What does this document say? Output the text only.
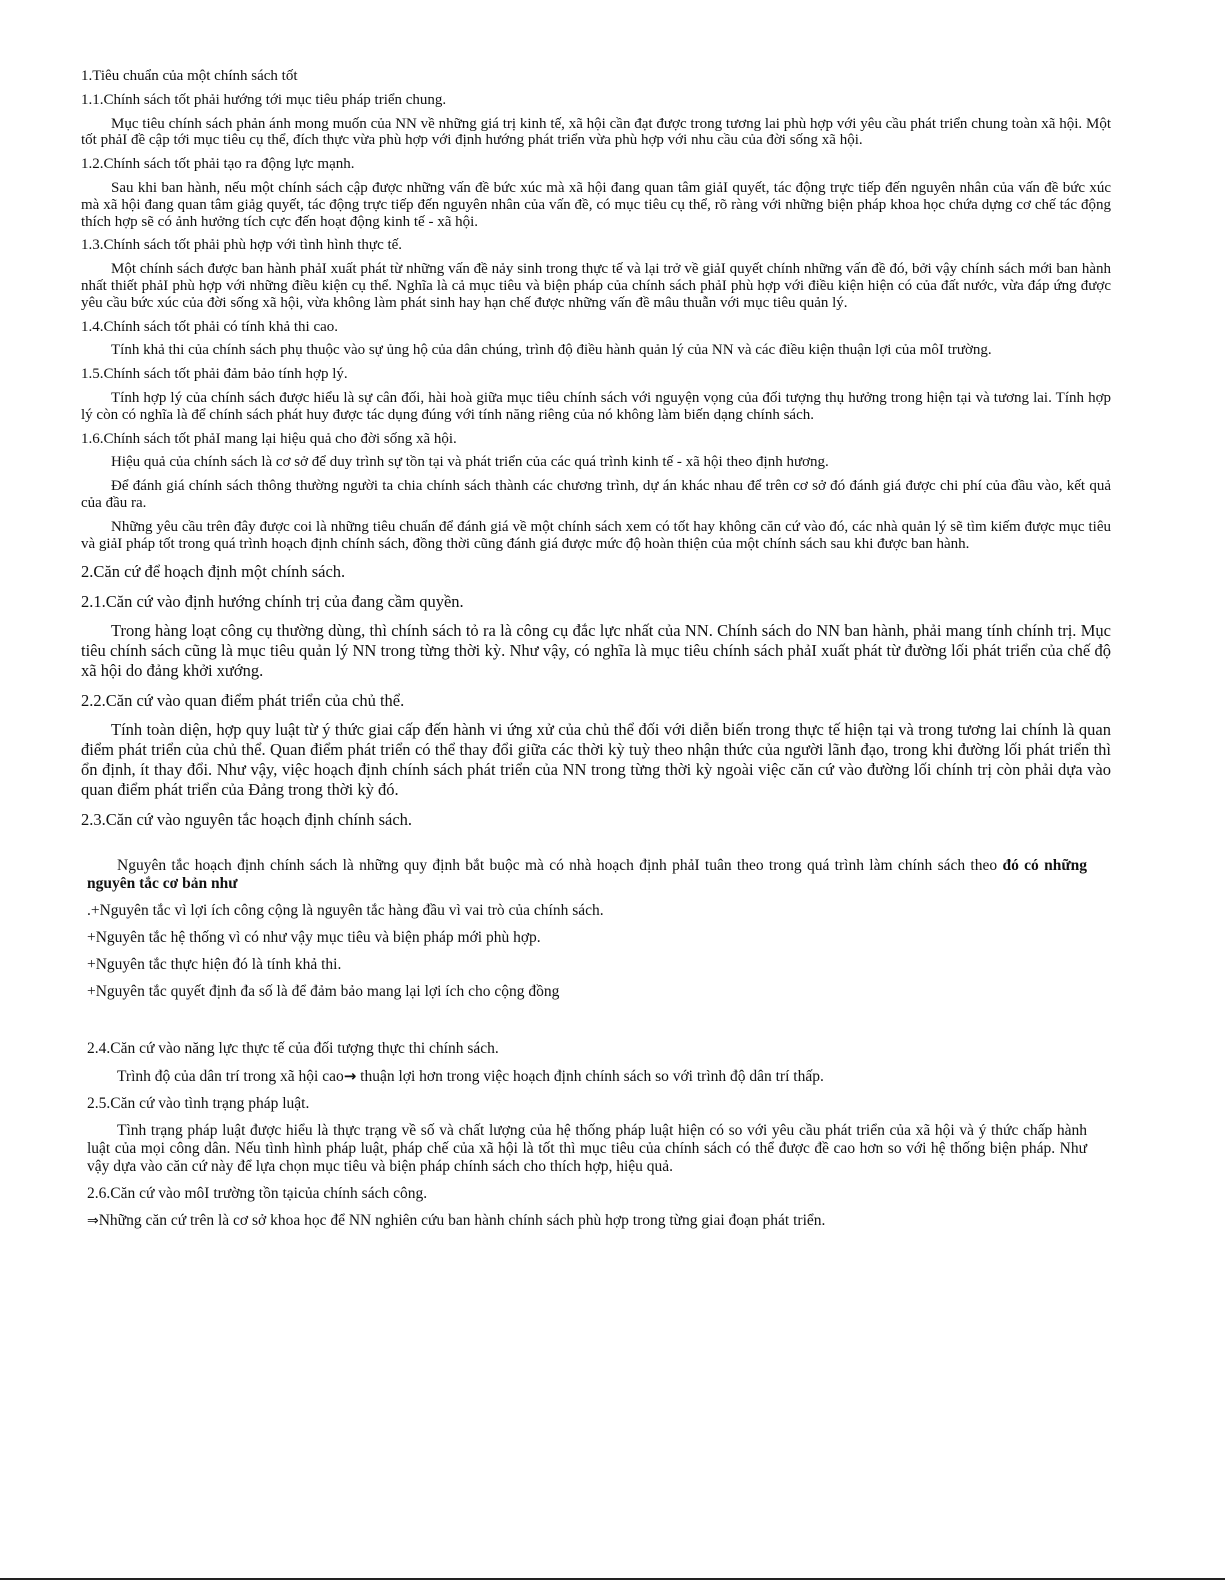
1.Tiêu chuẩn của một chính sách tốt

1.1.Chính sách tốt phải hướng tới mục tiêu pháp triển chung.

Mục tiêu chính sách phản ánh mong muốn của NN về những giá trị kinh tế, xã hội cần đạt được trong tương lai phù hợp với yêu cầu phát triển chung toàn xã hội. Một tốt phảI đề cập tới mục tiêu cụ thể, đích thực vừa phù hợp với định hướng phát triển vừa phù hợp với nhu cầu của đời sống xã hội.

1.2.Chính sách tốt phải tạo ra động lực mạnh.

Sau khi ban hành, nếu một chính sách cập được những vấn đề bức xúc mà xã hội đang quan tâm giảI quyết, tác động trực tiếp đến nguyên nhân của vấn đề bức xúc mà xã hội đang quan tâm giảg quyết, tác động trực tiếp đến nguyên nhân của vấn đề, có mục tiêu cụ thể, rõ ràng với những biện pháp khoa học chứa dựng cơ chế tác động thích hợp sẽ có ảnh hưởng tích cực đến hoạt động kinh tế - xã hội.

1.3.Chính sách tốt phải phù hợp với tình hình thực tế.

Một chính sách được ban hành phảI xuất phát từ những vấn đề nảy sinh trong thực tế và lại trở về giảI quyết chính những vấn đề đó, bởi vậy chính sách mới ban hành nhất thiết phảI phù hợp với những điều kiện cụ thể. Nghĩa là cả mục tiêu và biện pháp của chính sách phảI phù hợp với điều kiện hiện có của đất nước, vừa đáp ứng được yêu cầu bức xúc của đời sống xã hội, vừa không làm phát sinh hay hạn chế được những vấn đề mâu thuẫn với mục tiêu quản lý.

1.4.Chính sách tốt phải có tính khả thi cao.

Tính khả thi của chính sách phụ thuộc vào sự ủng hộ của dân chúng, trình độ điều hành quản lý của NN và các điều kiện thuận lợi của môI trường.

1.5.Chính sách tốt phải đảm bảo tính hợp lý.

Tính hợp lý của chính sách được hiểu là sự cân đối, hài hoà giữa mục tiêu chính sách với nguyện vọng của đối tượng thụ hưởng trong hiện tại và tương lai. Tính hợp lý còn có nghĩa là để chính sách phát huy được tác dụng đúng với tính năng riêng của nó không làm biến dạng chính sách.

1.6.Chính sách tốt phảI mang lại hiệu quả cho đời sống xã hội.

Hiệu quả của chính sách là cơ sở để duy trình sự tồn tại và phát triển của các quá trình kinh tế - xã hội theo định hương.

Để đánh giá chính sách thông thường người ta chia chính sách thành các chương trình, dự án khác nhau để trên cơ sở đó đánh giá được chi phí của đầu vào, kết quả của đầu ra.

Những yêu cầu trên đây được coi là những tiêu chuẩn để đánh giá về một chính sách xem có tốt hay không căn cứ vào đó, các nhà quản lý sẽ tìm kiếm được mục tiêu và giảI pháp tốt trong quá trình hoạch định chính sách, đồng thời cũng đánh giá được mức độ hoàn thiện của một chính sách sau khi được ban hành.

2.Căn cứ để hoạch định một chính sách.

2.1.Căn cứ vào định hướng chính trị của đang cầm quyền.

Trong hàng loạt công cụ thường dùng, thì chính sách tỏ ra là công cụ đắc lực nhất của NN. Chính sách do NN ban hành, phải mang tính chính trị. Mục tiêu chính sách cũng là mục tiêu quản lý NN trong từng thời kỳ. Như vậy, có nghĩa là mục tiêu chính sách phảI xuất phát từ đường lối phát triển của chế độ xã hội do đảng khởi xướng.

2.2.Căn cứ vào quan điểm phát triển của chủ thể.

Tính toàn diện, hợp quy luật từ ý thức giai cấp đến hành vi ứng xử của chủ thể đối với diễn biến trong thực tế hiện tại và trong tương lai chính là quan điểm phát triển của chủ thể. Quan điểm phát triển có thể thay đổi giữa các thời kỳ tuỳ theo nhận thức của người lãnh đạo, trong khi đường lối phát triển thì ổn định, ít thay đổi. Như vậy, việc hoạch định chính sách phát triển của NN trong từng thời kỳ ngoài việc căn cứ vào đường lối chính trị còn phải dựa vào quan điểm phát triển của Đảng trong thời kỳ đó.

2.3.Căn cứ vào nguyên tắc hoạch định chính sách.

Nguyên tắc hoạch định chính sách là những quy định bắt buộc mà có nhà hoạch định phảI tuân theo trong quá trình làm chính sách theo đó có những nguyên tắc cơ bản như

.+Nguyên tắc vì lợi ích công cộng là nguyên tắc hàng đầu vì vai trò của chính sách.

+Nguyên tắc hệ thống vì có như vậy mục tiêu và biện pháp mới phù hợp.

+Nguyên tắc thực hiện đó là tính khả thi.

+Nguyên tắc quyết định đa số là để đảm bảo mang lại lợi ích cho cộng đồng

2.4.Căn cứ vào năng lực thực tế của đối tượng thực thi chính sách.

Trình độ của dân trí trong xã hội cao→ thuận lợi hơn trong việc hoạch định chính sách so với trình độ dân trí thấp.

2.5.Căn cứ vào tình trạng pháp luật.

Tình trạng pháp luật được hiểu là thực trạng về số và chất lượng của hệ thống pháp luật hiện có so với yêu cầu phát triển của xã hội và ý thức chấp hành luật của mọi công dân. Nếu tình hình pháp luật, pháp chế của xã hội là tốt thì mục tiêu của chính sách có thể được đề cao hơn so với hệ thống biện pháp. Như vậy dựa vào căn cứ này để lựa chọn mục tiêu và biện pháp chính sách cho thích hợp, hiệu quả.

2.6.Căn cứ vào môI trường tồn tạicủa chính sách công.

⇒Những căn cứ trên là cơ sở khoa học để NN nghiên cứu ban hành chính sách phù hợp trong từng giai đoạn phát triển.
